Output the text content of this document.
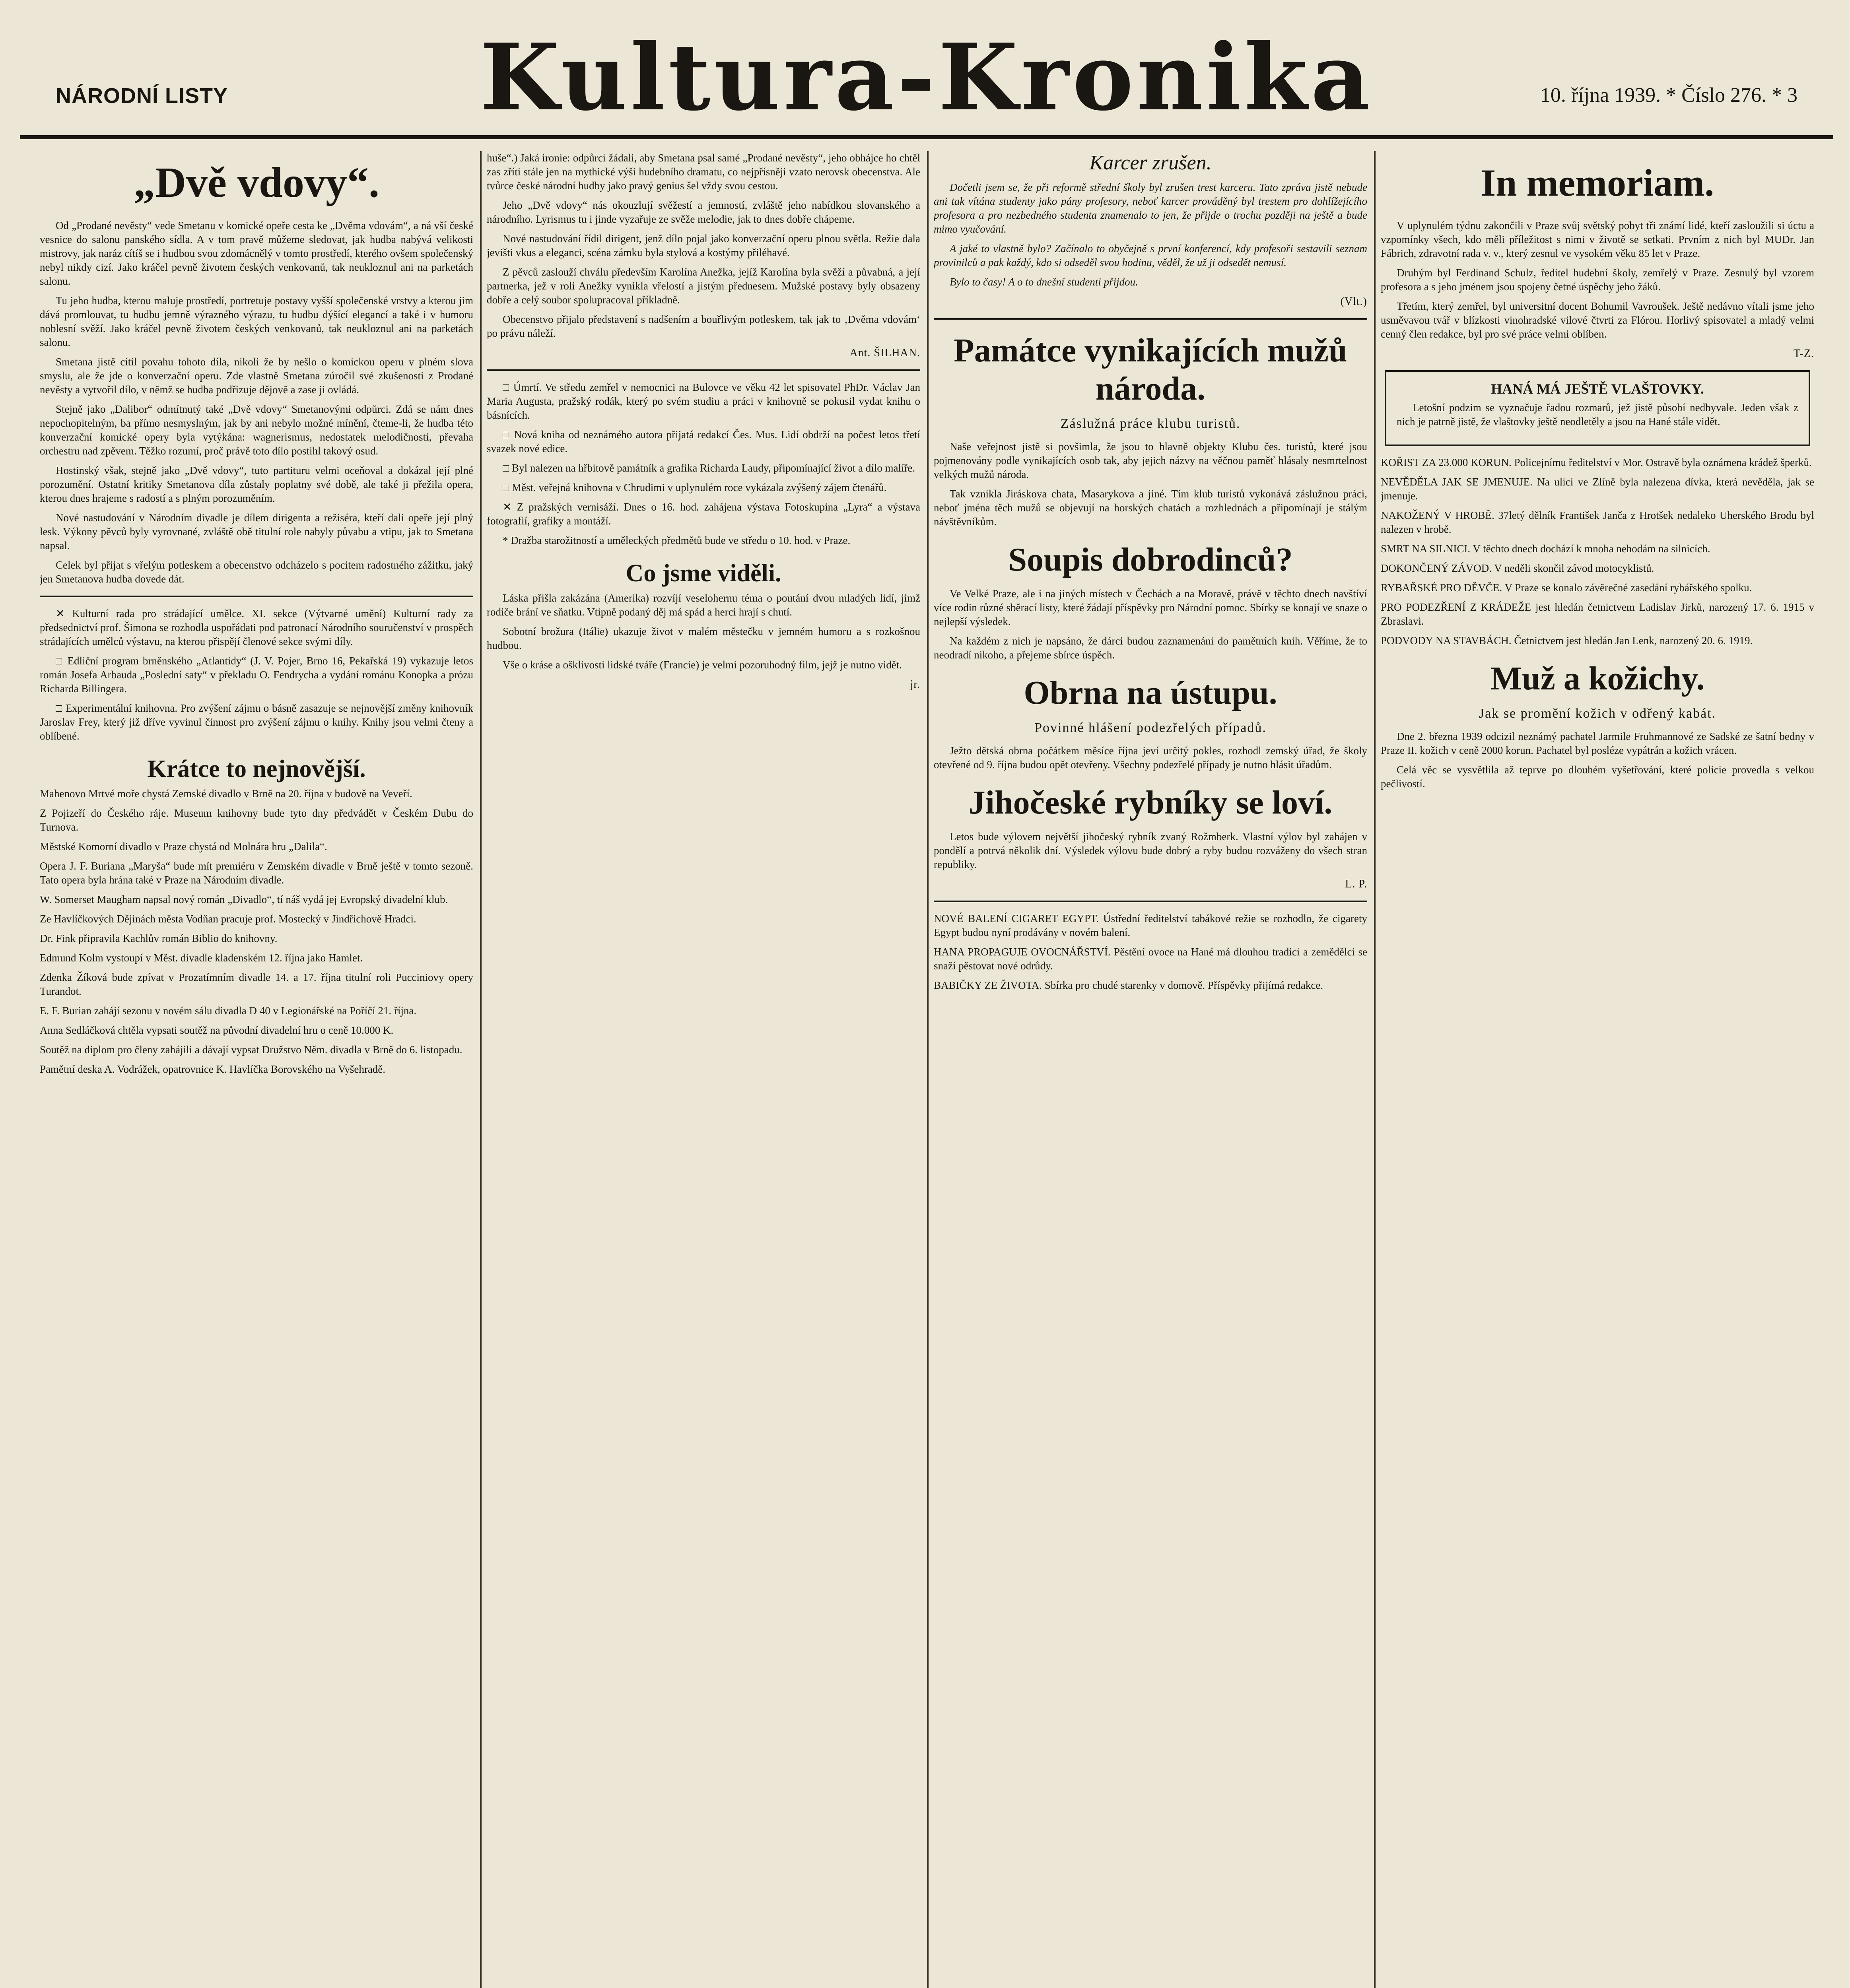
NÁRODNÍ LISTY	Kultura-Kronika	10. října 1939. * Číslo 276. * 3
„Dvě vdovy“.

Od „Prodané nevěsty“ vede Smetanu v komické opeře cesta ke „Dvěma vdovám“, a ná vší české vesnice do salonu panského sídla. A v tom pravě můžeme sledovat, jak hudba nabývá velikosti mistrovy, jak naráz cítíš se i hudbou svou zdomácnělý v tomto prostředí, kterého ovšem společenský nebyl nikdy cizí. Jako kráčel pevně životem českých venkovanů, tak neukloznul ani na parketách salonu.

Tu jeho hudba, kterou maluje prostředí, portretuje postavy vyšší společenské vrstvy a kterou jim dává promlouvat, tu hudbu jemně výrazného výrazu, tu hudbu dýšící elegancí a také i v humoru noblesní svěží. Jako kráčel pevně životem českých venkovanů, tak neukloznul ani na parketách salonu.

Smetana jistě cítil povahu tohoto díla, nikoli že by nešlo o komickou operu v plném slova smyslu, ale že jde o konverzační operu. Zde vlastně Smetana zúročil své zkušenosti z Prodané nevěsty a vytvořil dílo, v němž se hudba podřizuje dějově a zase ji ovládá.

Stejně jako „Dalibor“ odmítnutý také „Dvě vdovy“ Smetanovými odpůrci. Zdá se nám dnes nepochopitelným, ba přímo nesmyslným, jak by ani nebylo možné mínění, čteme-li, že hudba této konverzační komické opery byla vytýkána: wagnerismus, nedostatek melodičnosti, převaha orchestru nad zpěvem. Těžko rozumí, proč právě toto dílo postihl takový osud.

Hostinský však, stejně jako „Dvě vdovy“, tuto partituru velmi oceňoval a dokázal její plné porozumění. Ostatní kritiky Smetanova díla zůstaly poplatny své době, ale také ji přežila opera, kterou dnes hrajeme s radostí a s plným porozuměním.

Nové nastudování v Národním divadle je dílem dirigenta a režiséra, kteří dali opeře její plný lesk. Výkony pěvců byly vyrovnané, zvláště obě titulní role nabyly půvabu a vtipu, jak to Smetana napsal.

Celek byl přijat s vřelým potleskem a obecenstvo odcházelo s pocitem radostného zážitku, jaký jen Smetanova hudba dovede dát.

✕ Kulturní rada pro strádající umělce. XI. sekce (Výtvarné umění) Kulturní rady za předsednictví prof. Šimona se rozhodla uspořádati pod patronací Národního souručenství v prospěch strádajících umělců výstavu, na kterou přispějí členové sekce svými díly.

□ Edliční program brněnského „Atlantidy“ (J. V. Pojer, Brno 16, Pekařská 19) vykazuje letos román Josefa Arbaudа „Poslední saty“ v překladu O. Fendrycha a vydání románu Konopka a prózu Richarda Billingera.

□ Experimentální knihovna. Pro zvýšení zájmu o básně zasazuje se nejnovější změny knihovník Jaroslav Frey, který již dříve vyvinul činnost pro zvýšení zájmu o knihy. Knihy jsou velmi čteny a oblíbené.

Krátce to nejnovější.

Mahenovo Mrtvé moře chystá Zemské divadlo v Brně na 20. října v budově na Veveří.

Z Pojizeří do Českého ráje. Museum knihovny bude tyto dny předvádět v Českém Dubu do Turnova.

Městské Komorní divadlo v Praze chystá od Molnára hru „Dalila“.

Opera J. F. Buriana „Maryša“ bude mít premiéru v Zemském divadle v Brně ještě v tomto sezoně. Tato opera byla hrána také v Praze na Národním divadle.

W. Somerset Maugham napsal nový román „Divadlo“, tí náš vydá jej Evropský divadelní klub.

Ze Havlíčkových Dějinách města Vodňan pracuje prof. Mostecký v Jindřichově Hradci.

Dr. Fink připravila Kachlův román Biblio do knihovny.

Edmund Kolm vystoupí v Měst. divadle kladenském 12. října jako Hamlet.

Zdenka Žíková bude zpívat v Prozatímním divadle 14. a 17. října titulní roli Pucciniovy opery Turandot.

E. F. Burian zahájí sezonu v novém sálu divadla D 40 v Legionářské na Poříčí 21. října.

Anna Sedláčková chtěla vypsati soutěž na původní divadelní hru o ceně 10.000 K.

Soutěž na diplom pro členy zahájili a dávají vypsat Družstvo Něm. divadla v Brně do 6. listopadu.

Pamětní deska A. Vodrážek, opatrovnice K. Havlíčka Borovského na Vyšehradě.

huše“.) Jaká ironie: odpůrci žádali, aby Smetana psal samé „Prodané nevěsty“, jeho obhájce ho chtěl zas zříti stále jen na mythické výši hudebního dramatu, co nejpřísněji vzato nerovsk obecenstva. Ale tvůrce české národní hudby jako pravý genius šel vždy svou cestou.

Jeho „Dvě vdovy“ nás okouzlují svěžestí a jemností, zvláště jeho nabídkou slovanského a národního. Lyrismus tu i jinde vyzařuje ze svěže melodie, jak to dnes dobře chápeme.

Nové nastudování řídil dirigent, jenž dílo pojal jako konverzační operu plnou světla. Režie dala jevišti vkus a eleganci, scéna zámku byla stylová a kostýmy přiléhavé.

Z pěvců zaslouží chválu především Karolína Anežka, jejíž Karolína byla svěží a půvabná, a její partnerka, jež v roli Anežky vynikla vřelostí a jistým přednesem. Mužské postavy byly obsazeny dobře a celý soubor spolupracoval příkladně.

Obecenstvo přijalo představení s nadšením a bouřlivým potleskem, tak jak to ‚Dvěma vdovám‘ po právu náleží.

Ant. ŠILHAN.

□ Úmrtí. Ve středu zemřel v nemocnici na Bulovce ve věku 42 let spisovatel PhDr. Václav Jan Maria Augusta, pražský rodák, který po svém studiu a práci v knihovně se pokusil vydat knihu o básnících.

□ Nová kniha od neznámého autora přijatá redakcí Čes. Mus. Lidí obdrží na počest letos třetí svazek nové edice.

□ Byl nalezen na hřbitově památník a grafika Richarda Laudy, připomínající život a dílo malíře.

□ Měst. veřejná knihovna v Chrudimi v uplynulém roce vykázala zvýšený zájem čtenářů.

✕ Z pražských vernisáží. Dnes o 16. hod. zahájena výstava Fotoskupina „Lyra“ a výstava fotografií, grafiky a montáží.

* Dražba starožitností a uměleckých předmětů bude ve středu o 10. hod. v Praze.

Co jsme viděli.

Láska přišla zakázána (Amerika) rozvíjí veselohernu téma o poutání dvou mladých lidí, jimž rodiče brání ve sňatku. Vtipně podaný děj má spád a herci hrají s chutí.

Sobotní brožura (Itálie) ukazuje život v malém městečku v jemném humoru a s rozkošnou hudbou.

Vše o kráse a ošklivosti lidské tváře (Francie) je velmi pozoruhodný film, jejž je nutno vidět.

jr.
Karcer zrušen.

Dočetli jsem se, že při reformě střední školy byl zrušen trest karceru. Tato zpráva jistě nebude ani tak vítána studenty jako pány profesory, neboť karcer prováděný byl trestem pro dohlížejícího profesora a pro nezbedného studenta znamenalo to jen, že přijde o trochu později na ještě a bude mimo vyučování.

A jaké to vlastně bylo? Začínalo to obyčejně s první konferencí, kdy profesoři sestavili seznam provinilců a pak každý, kdo si odseděl svou hodinu, věděl, že už ji odsedět nemusí.

Bylo to časy! A o to dnešní studenti přijdou.

(Vlt.)
Památce vynikajících mužů národa.
Záslužná práce klubu turistů.

Naše veřejnost jistě si povšimla, že jsou to hlavně objekty Klubu čes. turistů, které jsou pojmenovány podle vynikajících osob tak, aby jejich názvy na věčnou paměť hlásaly nesmrtelnost velkých mužů národa.

Tak vznikla Jiráskova chata, Masarykova a jiné. Tím klub turistů vykonává záslužnou práci, neboť jména těch mužů se objevují na horských chatách a rozhlednách a připomínají je stálým návštěvníkům.

Soupis dobrodinců?

Ve Velké Praze, ale i na jiných místech v Čechách a na Moravě, právě v těchto dnech navštíví více rodin různé sběrací listy, které žádají příspěvky pro Národní pomoc. Sbírky se konají ve snaze o nejlepší výsledek.

Na každém z nich je napsáno, že dárci budou zaznamenáni do pamětních knih. Věříme, že to neodradí nikoho, a přejeme sbírce úspěch.

Obrna na ústupu.
Povinné hlášení podezřelých případů.

Ježto dětská obrna počátkem měsíce října jeví určitý pokles, rozhodl zemský úřad, že školy otevřené od 9. října budou opět otevřeny. Všechny podezřelé případy je nutno hlásit úřadům.

Jihočeské rybníky se loví.

Letos bude výlovem největší jihočeský rybník zvaný Rožmberk. Vlastní výlov byl zahájen v pondělí a potrvá několik dní. Výsledek výlovu bude dobrý a ryby budou rozváženy do všech stran republiky.

L. P.

NOVÉ BALENÍ CIGARET EGYPT. Ústřední ředitelství tabákové režie se rozhodlo, že cigarety Egypt budou nyní prodávány v novém balení.

HANA PROPAGUJE OVOCNÁŘSTVÍ. Pěstění ovoce na Hané má dlouhou tradici a zemědělci se snaží pěstovat nové odrůdy.

BABIČKY ZE ŽIVOTA. Sbírka pro chudé starenky v domově. Příspěvky přijímá redakce.

In memoriam.

V uplynulém týdnu zakončili v Praze svůj světský pobyt tři známí lidé, kteří zasloužili si úctu a vzpomínky všech, kdo měli příležitost s nimi v životě se setkati. Prvním z nich byl MUDr. Jan Fábrich, zdravotní rada v. v., který zesnul ve vysokém věku 85 let v Praze.

Druhým byl Ferdinand Schulz, ředitel hudební školy, zemřelý v Praze. Zesnulý byl vzorem profesora a s jeho jménem jsou spojeny četné úspěchy jeho žáků.

Třetím, který zemřel, byl universitní docent Bohumil Vavroušek. Ještě nedávno vítali jsme jeho usměvavou tvář v blízkosti vinohradské vilové čtvrti za Flórou. Horlivý spisovatel a mladý velmi cenný člen redakce, byl pro své práce velmi oblíben.

T-Z.
HANÁ MÁ JEŠTĚ VLAŠTOVKY.

Letošní podzim se vyznačuje řadou rozmarů, jež jistě působí nedbyvale. Jeden však z nich je patrně jistě, že vlaštovky ještě neodletěly a jsou na Hané stále vidět.

KOŘIST ZA 23.000 KORUN. Policejnímu ředitelství v Mor. Ostravě byla oznámena krádež šperků.

NEVĚDĚLA JAK SE JMENUJE. Na ulici ve Zlíně byla nalezena dívka, která nevěděla, jak se jmenuje.

NAKOŽENÝ V HROBĚ. 37letý dělník František Janča z Hrotšek nedaleko Uherského Brodu byl nalezen v hrobě.

SMRT NA SILNICI. V těchto dnech dochází k mnoha nehodám na silnicích.

DOKONČENÝ ZÁVOD. V neděli skončil závod motocyklistů.

RYBAŘSKÉ PRO DĚVČE. V Praze se konalo závěrečné zasedání rybářského spolku.

PRO PODEZŘENÍ Z KRÁDEŽE jest hledán četnictvem Ladislav Jirků, narozený 17. 6. 1915 v Zbraslavi.

PODVODY NA STAVBÁCH. Četnictvem jest hledán Jan Lenk, narozený 20. 6. 1919.

Muž a kožichy.
Jak se promění kožich v odřený kabát.

Dne 2. března 1939 odcizil neznámý pachatel Jarmile Fruhmannové ze Sadské ze šatní bedny v Praze II. kožich v ceně 2000 korun. Pachatel byl posléze vypátrán a kožich vrácen.

Celá věc se vysvětlila až teprve po dlouhém vyšetřování, které policie provedla s velkou pečlivostí.
